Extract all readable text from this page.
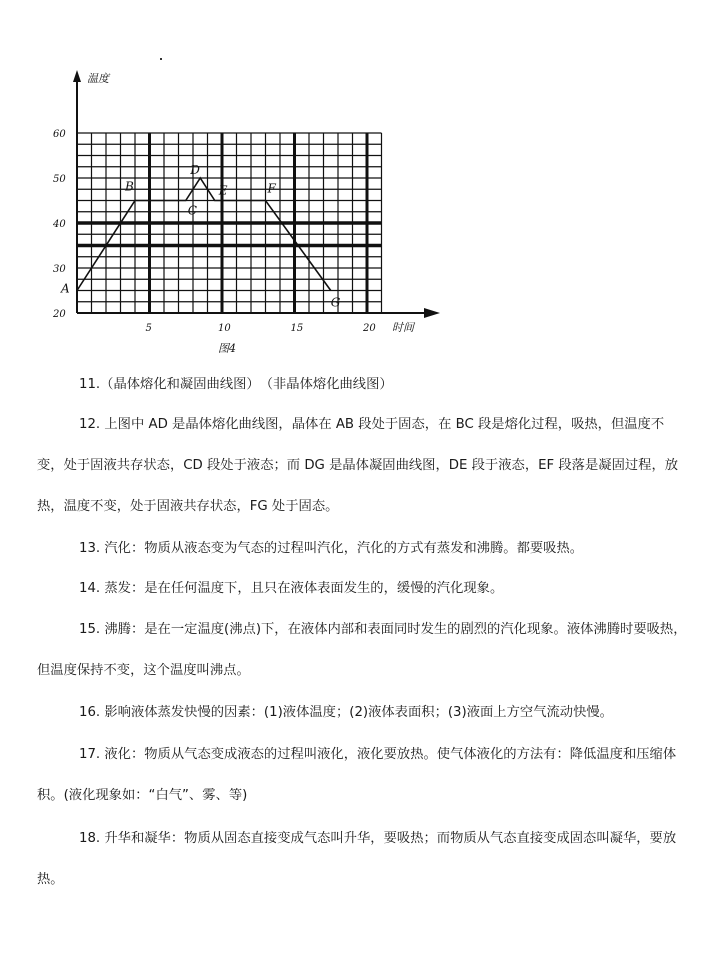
温度
时间
图4
20
30
40
50
60
5	10	15	20
A
B
C
D
E	F
G

11.（晶体熔化和凝固曲线图）　（非晶体熔化曲线图）

12. 上图中 AD 是晶体熔化曲线图，晶体在 AB 段处于固态，在 BC 段是熔化过程，吸热，但温度不变，处于固液共存状态，CD 段处于液态；而 DG 是晶体凝固曲线图，DE 段于液态，EF 段落是凝固过程，放热，温度不变，处于固液共存状态，FG 处于固态。

13. 汽化：物质从液态变为气态的过程叫汽化，汽化的方式有蒸发和沸腾。都要吸热。

14. 蒸发：是在任何温度下，且只在液体表面发生的，缓慢的汽化现象。

15. 沸腾：是在一定温度(沸点)下，在液体内部和表面同时发生的剧烈的汽化现象。液体沸腾时要吸热，但温度保持不变，这个温度叫沸点。

16. 影响液体蒸发快慢的因素：(1)液体温度；(2)液体表面积；(3)液面上方空气流动快慢。

17. 液化：物质从气态变成液态的过程叫液化，液化要放热。使气体液化的方法有：降低温度和压缩体积。(液化现象如：“白气”、雾、等)

18. 升华和凝华：物质从固态直接变成气态叫升华，要吸热；而物质从气态直接变成固态叫凝华，要放热。
